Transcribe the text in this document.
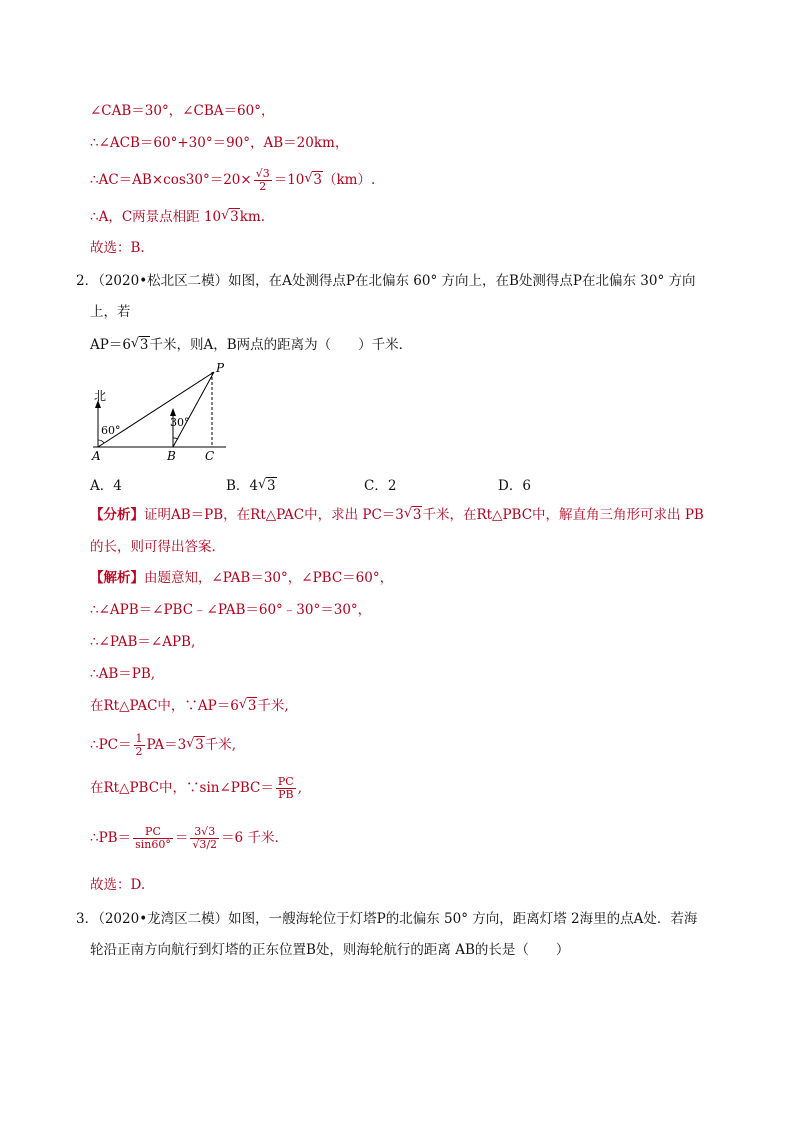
∠CAB＝30°，∠CBA＝60°，
∴∠ACB＝60°+30°＝90°，AB＝20km，
∴AC＝AB×cos30°＝20× $\frac{√3}{2} =10√$ 3（km）.
∴A，C两景点相距 10√ 3km.
故选：B.
2．（2020•松北区二模）如图，在A处测得点P在北偏东 60° 方向上，在B处测得点P在北偏东 30° 方向
上，若
AP＝6√ 3千米，则A，B两点的距离为（　　）千米．
北
60°
30°
A	B C
P
A．4	B．4√ 3	C．2	D．6
【分析】证明AB＝PB，在Rt△PAC中，求出 PC＝3√ 3千米，在Rt△PBC中，解直角三角形可求出 PB
的长，则可得出答案．
【解析】由题意知，∠PAB＝30°，∠PBC＝60°，
∴∠APB＝∠PBC﹣∠PAB＝60°﹣30°＝30°，
∴∠PAB＝∠APB,
∴AB＝PB,
在Rt△PAC中，∵AP＝6√ 3千米,
∴PC＝ $\frac{1}{2} PA=3√$ 3千米,
在Rt△PBC中，∵sin∠PBC＝ $\frac{PC}{PB}$ ,
∴PB＝ $\frac{PC}{\sin 60^\circ} = \frac{3√3}{√3/2} =6$ 千米．
故选：D.
3．（2020•龙湾区二模）如图，一艘海轮位于灯塔P的北偏东 50° 方向，距离灯塔 2海里的点A处．若海
轮沿正南方向航行到灯塔的正东位置B处，则海轮航行的距离 AB的长是（　　）
